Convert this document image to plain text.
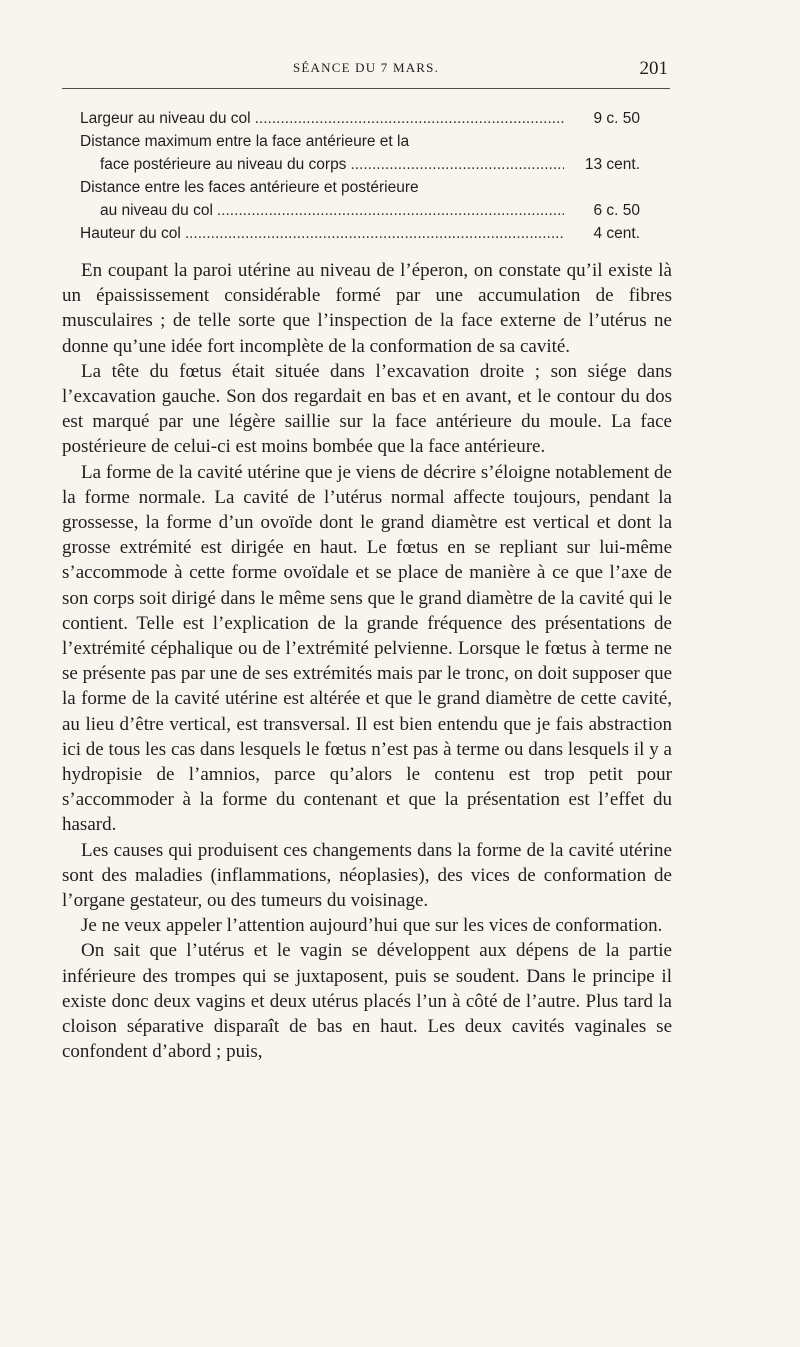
SÉANCE DU 7 MARS.	201
Largeur au niveau du col .....	9 c. 50
Distance maximum entre la face antérieure et la
face postérieure au niveau du corps .....	13 cent.
Distance entre les faces antérieure et postérieure
au niveau du col .....	6 c. 50
Hauteur du col .....	4 cent.

En coupant la paroi utérine au niveau de l’éperon, on constate qu’il existe là un épaississement considérable formé par une accumulation de fibres musculaires ; de telle sorte que l’inspection de la face externe de l’utérus ne donne qu’une idée fort incomplète de la conformation de sa cavité.

La tête du fœtus était située dans l’excavation droite ; son siége dans l’excavation gauche. Son dos regardait en bas et en avant, et le contour du dos est marqué par une légère saillie sur la face antérieure du moule. La face postérieure de celui-ci est moins bombée que la face antérieure.

La forme de la cavité utérine que je viens de décrire s’éloigne notablement de la forme normale. La cavité de l’utérus normal affecte toujours, pendant la grossesse, la forme d’un ovoïde dont le grand diamètre est vertical et dont la grosse extrémité est dirigée en haut. Le fœtus en se repliant sur lui-même s’accommode à cette forme ovoïdale et se place de manière à ce que l’axe de son corps soit dirigé dans le même sens que le grand diamètre de la cavité qui le contient. Telle est l’explication de la grande fréquence des présentations de l’extrémité céphalique ou de l’extrémité pelvienne. Lorsque le fœtus à terme ne se présente pas par une de ses extrémités mais par le tronc, on doit supposer que la forme de la cavité utérine est altérée et que le grand diamètre de cette cavité, au lieu d’être vertical, est transversal. Il est bien entendu que je fais abstraction ici de tous les cas dans lesquels le fœtus n’est pas à terme ou dans lesquels il y a hydropisie de l’amnios, parce qu’alors le contenu est trop petit pour s’accommoder à la forme du contenant et que la présentation est l’effet du hasard.

Les causes qui produisent ces changements dans la forme de la cavité utérine sont des maladies (inflammations, néoplasies), des vices de conformation de l’organe gestateur, ou des tumeurs du voisinage.

Je ne veux appeler l’attention aujourd’hui que sur les vices de conformation.

On sait que l’utérus et le vagin se développent aux dépens de la partie inférieure des trompes qui se juxtaposent, puis se soudent. Dans le principe il existe donc deux vagins et deux utérus placés l’un à côté de l’autre. Plus tard la cloison séparative disparaît de bas en haut. Les deux cavités vaginales se confondent d’abord ; puis,
